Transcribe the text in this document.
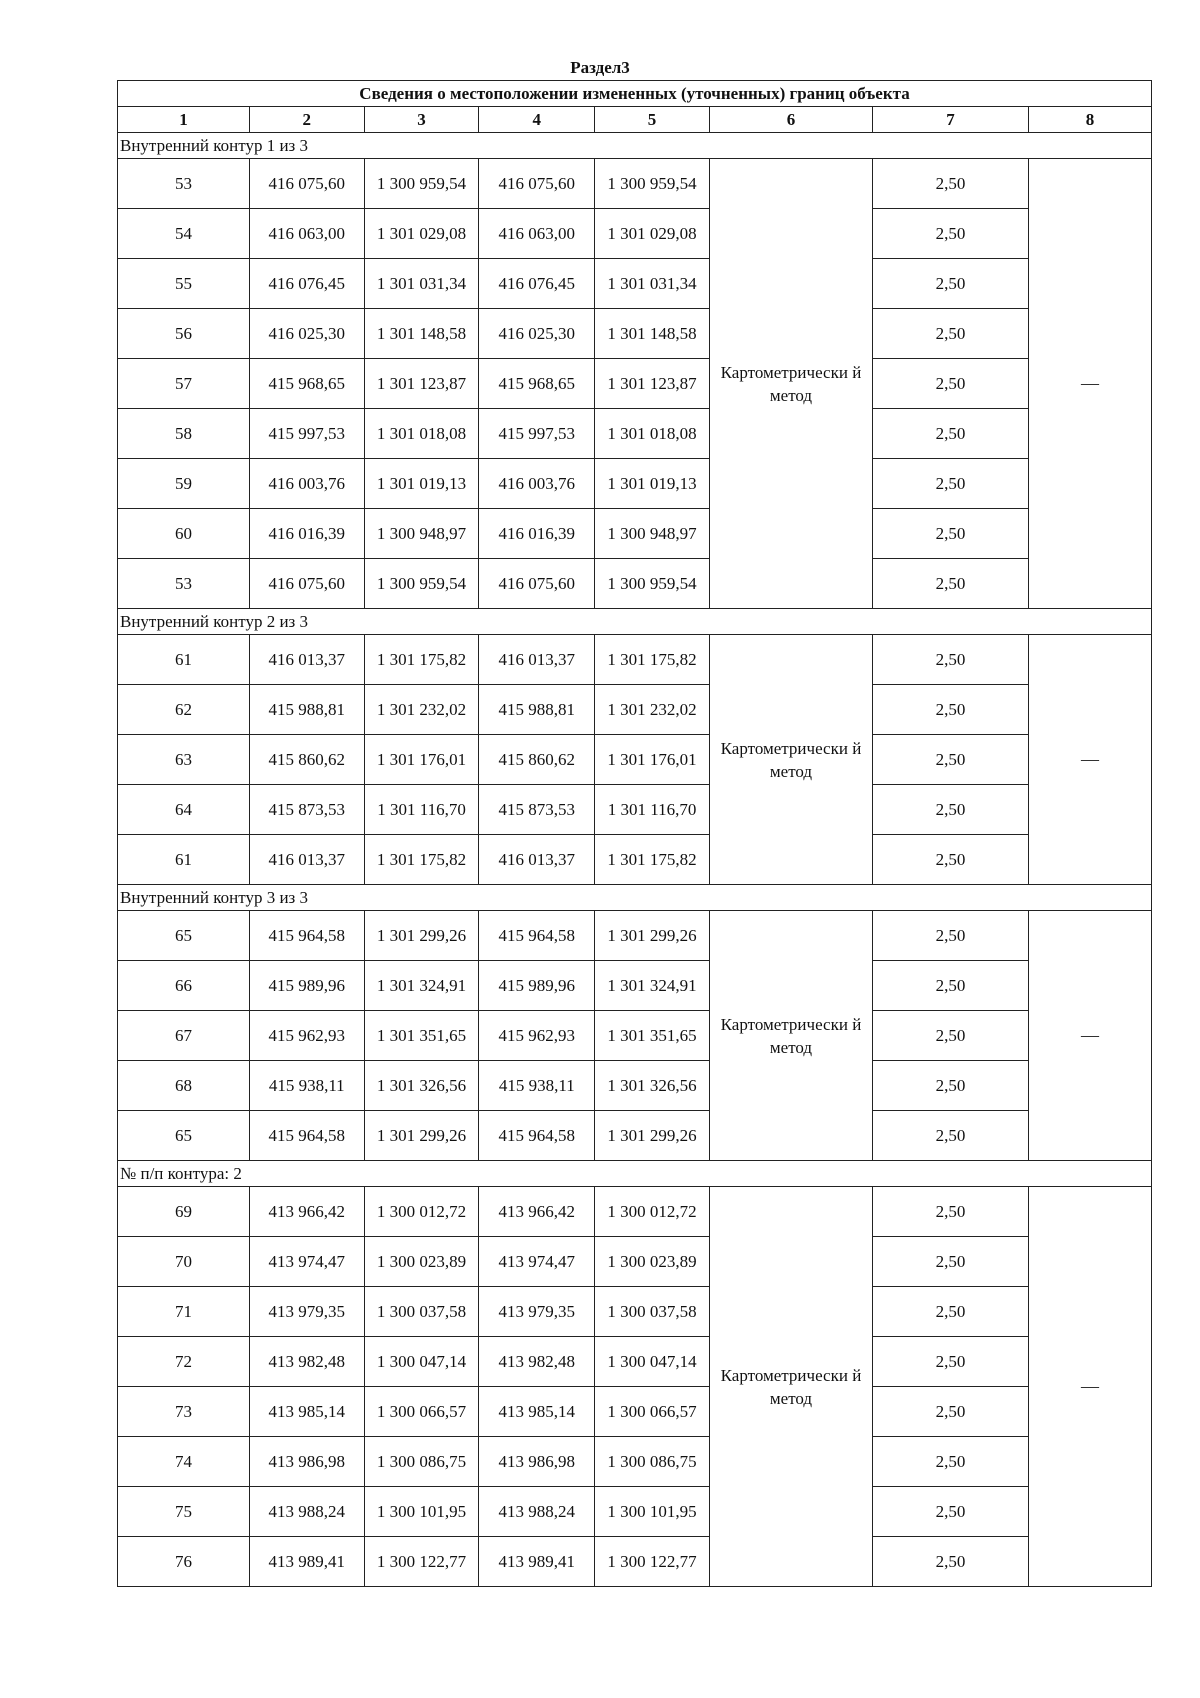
Раздел3
Сведения о местоположении измененных (уточненных) границ объекта							
1	2	3	4	5	6	7	8
Внутренний контур 1 из 3							
53	416 075,60	1 300 959,54	416 075,60	1 300 959,54	Картометрически й метод	2,50	—
54	416 063,00	1 301 029,08	416 063,00	1 301 029,08		2,50	
55	416 076,45	1 301 031,34	416 076,45	1 301 031,34		2,50	
56	416 025,30	1 301 148,58	416 025,30	1 301 148,58		2,50	
57	415 968,65	1 301 123,87	415 968,65	1 301 123,87		2,50	
58	415 997,53	1 301 018,08	415 997,53	1 301 018,08		2,50	
59	416 003,76	1 301 019,13	416 003,76	1 301 019,13		2,50	
60	416 016,39	1 300 948,97	416 016,39	1 300 948,97		2,50	
53	416 075,60	1 300 959,54	416 075,60	1 300 959,54		2,50	
Внутренний контур 2 из 3							
61	416 013,37	1 301 175,82	416 013,37	1 301 175,82	Картометрически й метод	2,50	—
62	415 988,81	1 301 232,02	415 988,81	1 301 232,02		2,50	
63	415 860,62	1 301 176,01	415 860,62	1 301 176,01		2,50	
64	415 873,53	1 301 116,70	415 873,53	1 301 116,70		2,50	
61	416 013,37	1 301 175,82	416 013,37	1 301 175,82		2,50	
Внутренний контур 3 из 3							
65	415 964,58	1 301 299,26	415 964,58	1 301 299,26	Картометрически й метод	2,50	—
66	415 989,96	1 301 324,91	415 989,96	1 301 324,91		2,50	
67	415 962,93	1 301 351,65	415 962,93	1 301 351,65		2,50	
68	415 938,11	1 301 326,56	415 938,11	1 301 326,56		2,50	
65	415 964,58	1 301 299,26	415 964,58	1 301 299,26		2,50	
№ п/п контура: 2							
69	413 966,42	1 300 012,72	413 966,42	1 300 012,72	Картометрически й метод	2,50	—
70	413 974,47	1 300 023,89	413 974,47	1 300 023,89		2,50	
71	413 979,35	1 300 037,58	413 979,35	1 300 037,58		2,50	
72	413 982,48	1 300 047,14	413 982,48	1 300 047,14		2,50	
73	413 985,14	1 300 066,57	413 985,14	1 300 066,57		2,50	
74	413 986,98	1 300 086,75	413 986,98	1 300 086,75		2,50	
75	413 988,24	1 300 101,95	413 988,24	1 300 101,95		2,50	
76	413 989,41	1 300 122,77	413 989,41	1 300 122,77		2,50	
